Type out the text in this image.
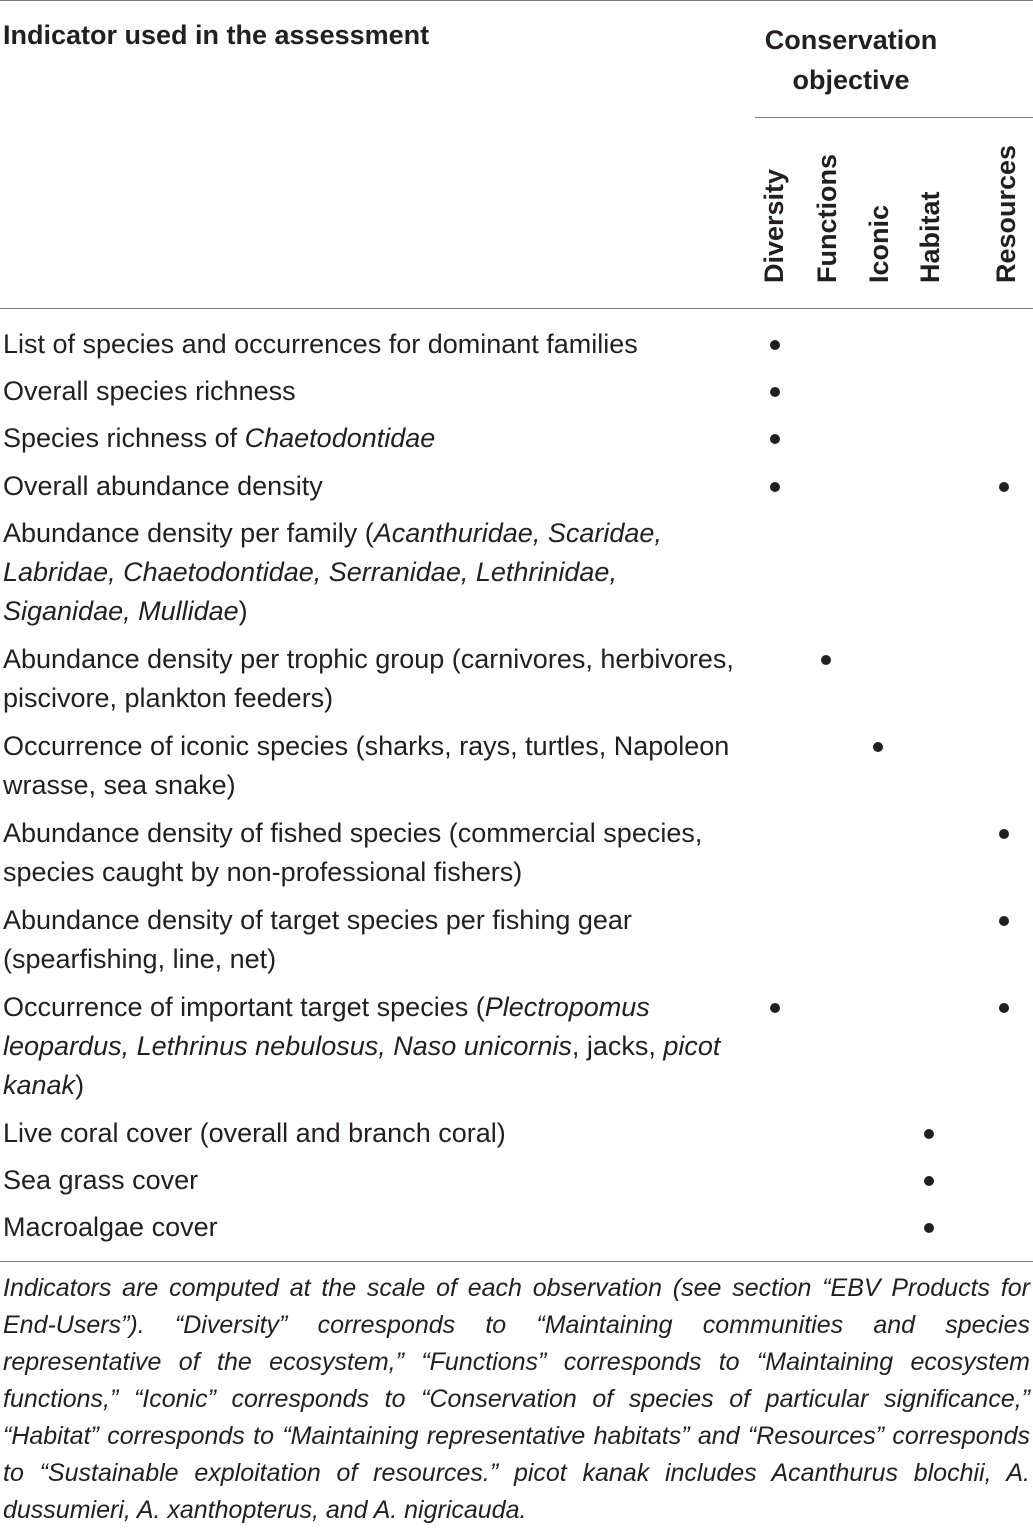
Indicator used in the assessment	Conservation
objective
Diversity Functions Iconic Habitat Resources
List of species and occurrences for dominant families
Overall species richness
Species richness of Chaetodontidae
Overall abundance density
Abundance density per family (Acanthuridae, Scaridae, Labridae, Chaetodontidae, Serranidae, Lethrinidae, Siganidae, Mullidae)
Abundance density per trophic group (carnivores, herbivores, piscivore, plankton feeders)
Occurrence of iconic species (sharks, rays, turtles, Napoleon wrasse, sea snake)
Abundance density of fished species (commercial species, species caught by non-professional fishers)
Abundance density of target species per fishing gear (spearfishing, line, net)
Occurrence of important target species (Plectropomus leopardus, Lethrinus nebulosus, Naso unicornis, jacks, picot kanak)
Live coral cover (overall and branch coral)
Sea grass cover
Macroalgae cover
Indicators are computed at the scale of each observation (see section “EBV Products for End-Users”). “Diversity” corresponds to “Maintaining communities and species representative of the ecosystem,” “Functions” corresponds to “Maintaining ecosystem functions,” “Iconic” corresponds to “Conservation of species of particular significance,” “Habitat” corresponds to “Maintaining representative habitats” and “Resources” corresponds to “Sustainable exploitation of resources.” picot kanak includes Acanthurus blochii, A. dussumieri, A. xanthopterus, and A. nigricauda.
